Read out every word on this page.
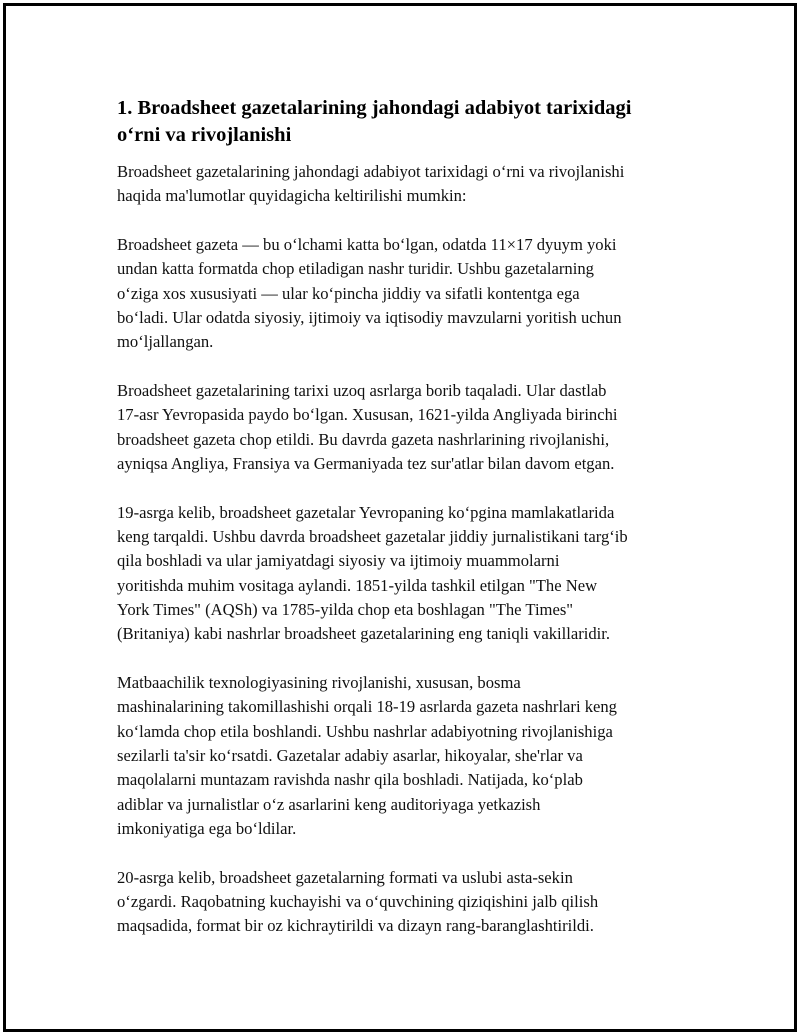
1. Broadsheet gazetalarining jahondagi adabiyot tarixidagi
o‘rni va rivojlanishi

Broadsheet gazetalarining jahondagi adabiyot tarixidagi o‘rni va rivojlanishi
haqida ma'lumotlar quyidagicha keltirilishi mumkin:

Broadsheet gazeta — bu o‘lchami katta bo‘lgan, odatda 11×17 dyuym yoki
undan katta formatda chop etiladigan nashr turidir. Ushbu gazetalarning
o‘ziga xos xususiyati — ular ko‘pincha jiddiy va sifatli kontentga ega
bo‘ladi. Ular odatda siyosiy, ijtimoiy va iqtisodiy mavzularni yoritish uchun
mo‘ljallangan.

Broadsheet gazetalarining tarixi uzoq asrlarga borib taqaladi. Ular dastlab
17-asr Yevropasida paydo bo‘lgan. Xususan, 1621-yilda Angliyada birinchi
broadsheet gazeta chop etildi. Bu davrda gazeta nashrlarining rivojlanishi,
ayniqsa Angliya, Fransiya va Germaniyada tez sur'atlar bilan davom etgan.

19-asrga kelib, broadsheet gazetalar Yevropaning ko‘pgina mamlakatlarida
keng tarqaldi. Ushbu davrda broadsheet gazetalar jiddiy jurnalistikani targ‘ib
qila boshladi va ular jamiyatdagi siyosiy va ijtimoiy muammolarni
yoritishda muhim vositaga aylandi. 1851-yilda tashkil etilgan "The New
York Times" (AQSh) va 1785-yilda chop eta boshlagan "The Times"
(Britaniya) kabi nashrlar broadsheet gazetalarining eng taniqli vakillaridir.

Matbaachilik texnologiyasining rivojlanishi, xususan, bosma
mashinalarining takomillashishi orqali 18-19 asrlarda gazeta nashrlari keng
ko‘lamda chop etila boshlandi. Ushbu nashrlar adabiyotning rivojlanishiga
sezilarli ta'sir ko‘rsatdi. Gazetalar adabiy asarlar, hikoyalar, she'rlar va
maqolalarni muntazam ravishda nashr qila boshladi. Natijada, ko‘plab
adiblar va jurnalistlar o‘z asarlarini keng auditoriyaga yetkazish
imkoniyatiga ega bo‘ldilar.

20-asrga kelib, broadsheet gazetalarning formati va uslubi asta-sekin
o‘zgardi. Raqobatning kuchayishi va o‘quvchining qiziqishini jalb qilish
maqsadida, format bir oz kichraytirildi va dizayn rang-baranglashtirildi.
